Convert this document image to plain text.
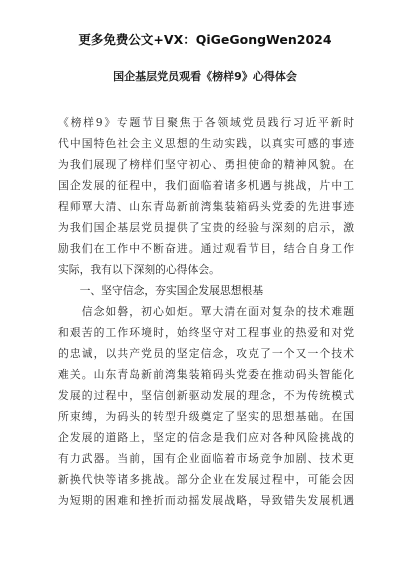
更多免费公文+VX：QiGeGongWen2024
国企基层党员观看《榜样9》心得体会
《榜样9》专题节目聚焦于各领域党员践行习近平新时
代中国特色社会主义思想的生动实践，以真实可感的事迹
为我们展现了榜样们坚守初心、勇担使命的精神风貌。在
国企发展的征程中，我们面临着诸多机遇与挑战，片中工
程师覃大清、山东青岛新前湾集装箱码头党委的先进事迹
为我们国企基层党员提供了宝贵的经验与深刻的启示，激
励我们在工作中不断奋进。通过观看节目，结合自身工作
实际，我有以下深刻的心得体会。
　　一、坚守信念，夯实国企发展思想根基
　　信念如磐，初心如炬。覃大清在面对复杂的技术难题
和艰苦的工作环境时，始终坚守对工程事业的热爱和对党
的忠诚，以共产党员的坚定信念，攻克了一个又一个技术
难关。山东青岛新前湾集装箱码头党委在推动码头智能化
发展的过程中，坚信创新驱动发展的理念，不为传统模式
所束缚，为码头的转型升级奠定了坚实的思想基础。在国
企发展的道路上，坚定的信念是我们应对各种风险挑战的
有力武器。当前，国有企业面临着市场竞争加剧、技术更
新换代快等诸多挑战。部分企业在发展过程中，可能会因
为短期的困难和挫折而动摇发展战略，导致错失发展机遇
